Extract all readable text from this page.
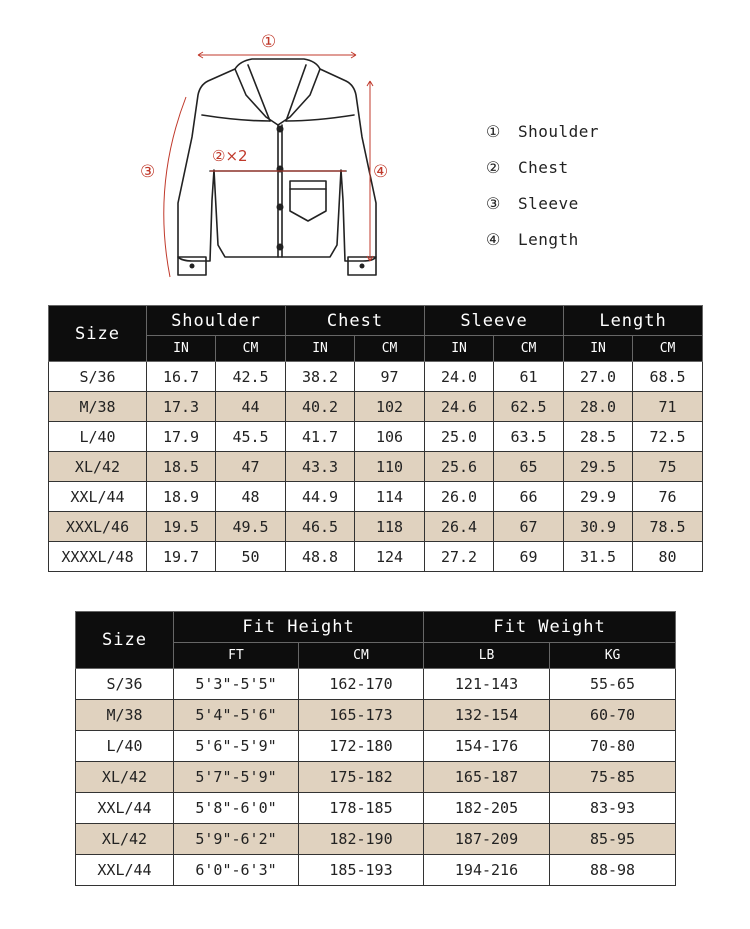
①
②×2
③	④
① Shoulder
② Chest
③ Sleeve
④ Length
Size	Shoulder		Chest		Sleeve		Length	
	IN	CM	IN	CM	IN	CM	IN	CM
S/36	16.7	42.5	38.2	97	24.0	61	27.0	68.5
M/38	17.3	44	40.2	102	24.6	62.5	28.0	71
L/40	17.9	45.5	41.7	106	25.0	63.5	28.5	72.5
XL/42	18.5	47	43.3	110	25.6	65	29.5	75
XXL/44	18.9	48	44.9	114	26.0	66	29.9	76
XXXL/46	19.5	49.5	46.5	118	26.4	67	30.9	78.5
XXXXL/48	19.7	50	48.8	124	27.2	69	31.5	80
Size	Fit Height		Fit Weight	
	FT	CM	LB	KG
S/36	5'3"-5'5"	162-170	121-143	55-65
M/38	5'4"-5'6"	165-173	132-154	60-70
L/40	5'6"-5'9"	172-180	154-176	70-80
XL/42	5'7"-5'9"	175-182	165-187	75-85
XXL/44	5'8"-6'0"	178-185	182-205	83-93
XL/42	5'9"-6'2"	182-190	187-209	85-95
XXL/44	6'0"-6'3"	185-193	194-216	88-98
